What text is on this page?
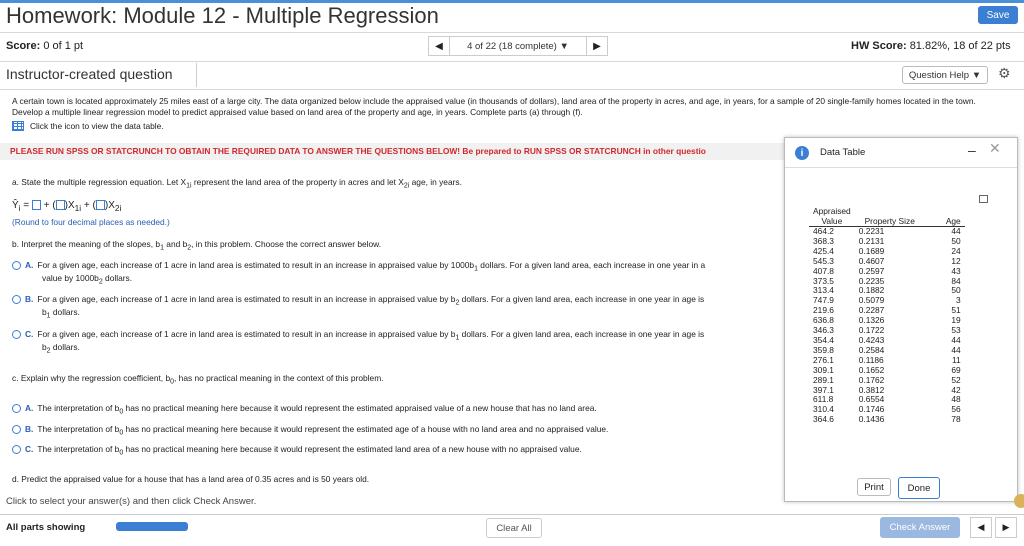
Homework: Module 12 - Multiple Regression	Save
Score: 0 of 1 pt	◀	4 of 22 (18 complete)
▼	▶	HW Score: 81.82%, 18 of 22 pts
Instructor-created question	Question Help
▼ ⚙
A certain town is located approximately 25 miles east of a large city. The data organized below include the appraised value (in thousands of dollars), land area of the property in acres, and age, in years, for a sample of 20 single-family homes located in the town. Develop a multiple linear regression model to predict appraised value based on land area of the property and age, in years. Complete parts (a) through (f).
Click the icon to view the data table.
PLEASE RUN SPSS OR STATCRUNCH TO OBTAIN THE REQUIRED DATA TO ANSWER THE QUESTIONS BELOW! Be prepared to RUN SPSS OR STATCRUNCH in other questio
a. State the multiple regression equation. Let $X_{1i}$ represent the land area of the property in acres and let $X_{2i}$ age, in years.
$Ŷ_i$ =  + ( )$X_{1i}$ + ( )$X_{2i}$
(Round to four decimal places as needed.)
b. Interpret the meaning of the slopes, $b_1$ and $b_2$, in this problem. Choose the correct answer below.
A. For a given age, each increase of 1 acre in land area is estimated to result in an increase in appraised value by $1000b_1$ dollars. For a given land area, each increase in one year in a
value by $1000b_2$ dollars.
B. For a given age, each increase of 1 acre in land area is estimated to result in an increase in appraised value by $b_2$ dollars. For a given land area, each increase in one year in age is
$b_1$ dollars.
C. For a given age, each increase of 1 acre in land area is estimated to result in an increase in appraised value by $b_1$ dollars. For a given land area, each increase in one year in age is
$b_2$ dollars.
c. Explain why the regression coefficient, $b_0$, has no practical meaning in the context of this problem.
A. The interpretation of $b_0$ has no practical meaning here because it would represent the estimated appraised value of a new house that has no land area.
B. The interpretation of $b_0$ has no practical meaning here because it would represent the estimated age of a house with no land area and no appraised value.
C. The interpretation of $b_0$ has no practical meaning here because it would represent the estimated land area of a new house with no appraised value.
d. Predict the appraised value for a house that has a land area of 0.35 acres and is 50 years old.
i	Data Table	– ✕
Appraised Value	Property Size	Age
464.2	0.2231	44
368.3	0.2131	50
425.4	0.1689	24
545.3	0.4607	12
407.8	0.2597	43
373.5	0.2235	84
313.4	0.1882	50
747.9	0.5079	3
219.6	0.2287	51
636.8	0.1326	19
346.3	0.1722	53
354.4	0.4243	44
359.8	0.2584	44
276.1	0.1186	11
309.1	0.1652	69
289.1	0.1762	52
397.1	0.3812	42
611.8	0.6554	48
310.4	0.1746	56
364.6	0.1436	78
Print	Done
Click to select your answer(s) and then click Check Answer.
All parts showing	Clear All	Check Answer	◀	▶
